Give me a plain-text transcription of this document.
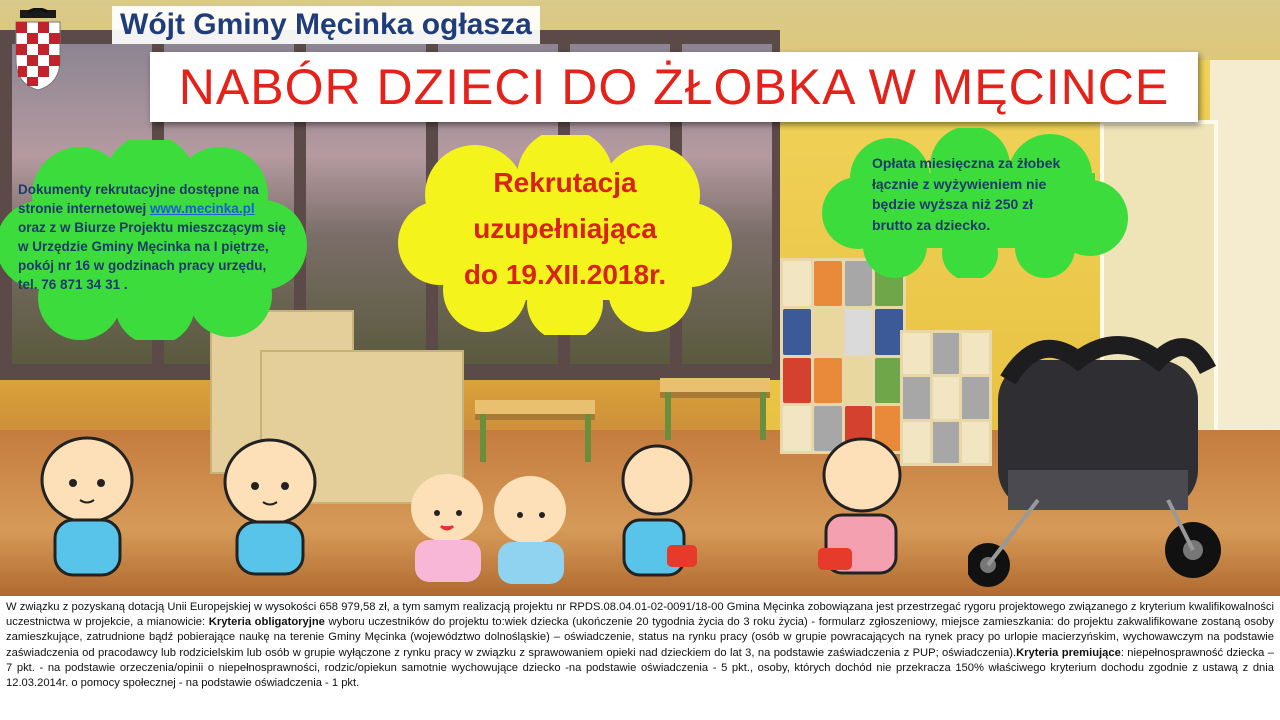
Wójt Gminy Męcinka ogłasza
NABÓR DZIECI DO ŻŁOBKA W MĘCINCE
Dokumenty rekrutacyjne dostępne na
stronie internetowej www.mecinka.pl
oraz z w Biurze Projektu mieszczącym się
w Urzędzie Gminy Męcinka na I piętrze,
pokój nr 16 w godzinach pracy urzędu,
tel. 76 871 34 31 .
Rekrutacja
uzupełniająca
do 19.XII.2018r.
Opłata miesięczna za żłobek
łącznie z wyżywieniem nie
będzie wyższa niż 250 zł
brutto za dziecko.
W związku z pozyskaną dotacją Unii Europejskiej w wysokości 658 979,58 zł, a tym samym realizacją projektu nr RPDS.08.04.01-02-0091/18-00 Gmina Męcinka zobowiązana jest przestrzegać rygoru projektowego związanego z kryterium kwalifikowalności uczestnictwa w projekcie, a mianowicie: Kryteria obligatoryjne wyboru uczestników do projektu to:wiek dziecka (ukończenie 20 tygodnia życia do 3 roku życia) - formularz zgłoszeniowy, miejsce zamieszkania: do projektu zakwalifikowane zostaną osoby zamieszkujące, zatrudnione bądź pobierające naukę na terenie Gminy Męcinka (województwo dolnośląskie) – oświadczenie, status na rynku pracy (osób w grupie powracających na rynek pracy po urlopie macierzyńskim, wychowawczym na podstawie zaświadczenia od pracodawcy lub rodzicielskim lub osób w grupie wyłączone z rynku pracy w związku z sprawowaniem opieki nad dzieckiem do lat 3, na podstawie zaświadczenia z PUP; oświadczenia).Kryteria premiujące: niepełnosprawność dziecka – 7 pkt. - na podstawie orzeczenia/opinii o niepełnosprawności, rodzic/opiekun samotnie wychowujące dziecko -na podstawie oświadczenia - 5 pkt., osoby, których dochód nie przekracza 150% właściwego kryterium dochodu zgodnie z ustawą z dnia 12.03.2014r. o pomocy społecznej - na podstawie oświadczenia - 1 pkt.
